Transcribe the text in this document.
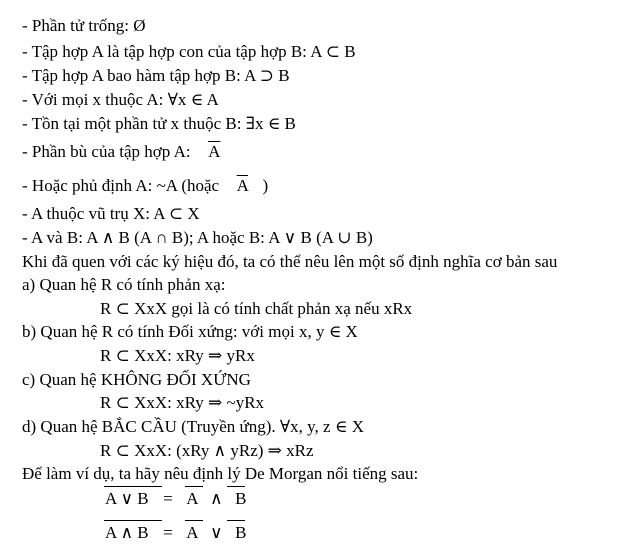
- Phần tử trống: Ø
- Tập hợp A là tập hợp con của tập hợp B: A ⊂ B
- Tập hợp A bao hàm tập hợp B: A ⊃ B
- Với mọi x thuộc A: ∀x ∈ A
- Tồn tại một phần tử x thuộc B: ∃x ∈ B
- Phần bù của tập hợp A: $\overline{A}$
- Hoặc phủ định A: ~A (hoặc $\overline{A}$ )
- A thuộc vũ trụ X: A ⊂ X
- A và B: A ∧ B (A ∩ B); A hoặc B: A ∨ B (A ∪ B)
Khi đã quen với các ký hiệu đó, ta có thể nêu lên một số định nghĩa cơ bản sau
a) Quan hệ R có tính phản xạ:
R ⊂ XxX gọi là có tính chất phản xạ nếu xRx
b) Quan hệ R có tính Đối xứng: với mọi x, y ∈ X
R ⊂ XxX: xRy ⇒ yRx
c) Quan hệ KHÔNG ĐỐI XỨNG
R ⊂ XxX: xRy ⇒ ~yRx
d) Quan hệ BẮC CẦU (Truyền ứng). ∀x, y, z ∈ X
R ⊂ XxX: (xRy ∧ yRz) ⇒ xRz
Để làm ví dụ, ta hãy nêu định lý De Morgan nổi tiếng sau:
A ∨ B = A ∧ B
A ∧ B = A ∨ B
